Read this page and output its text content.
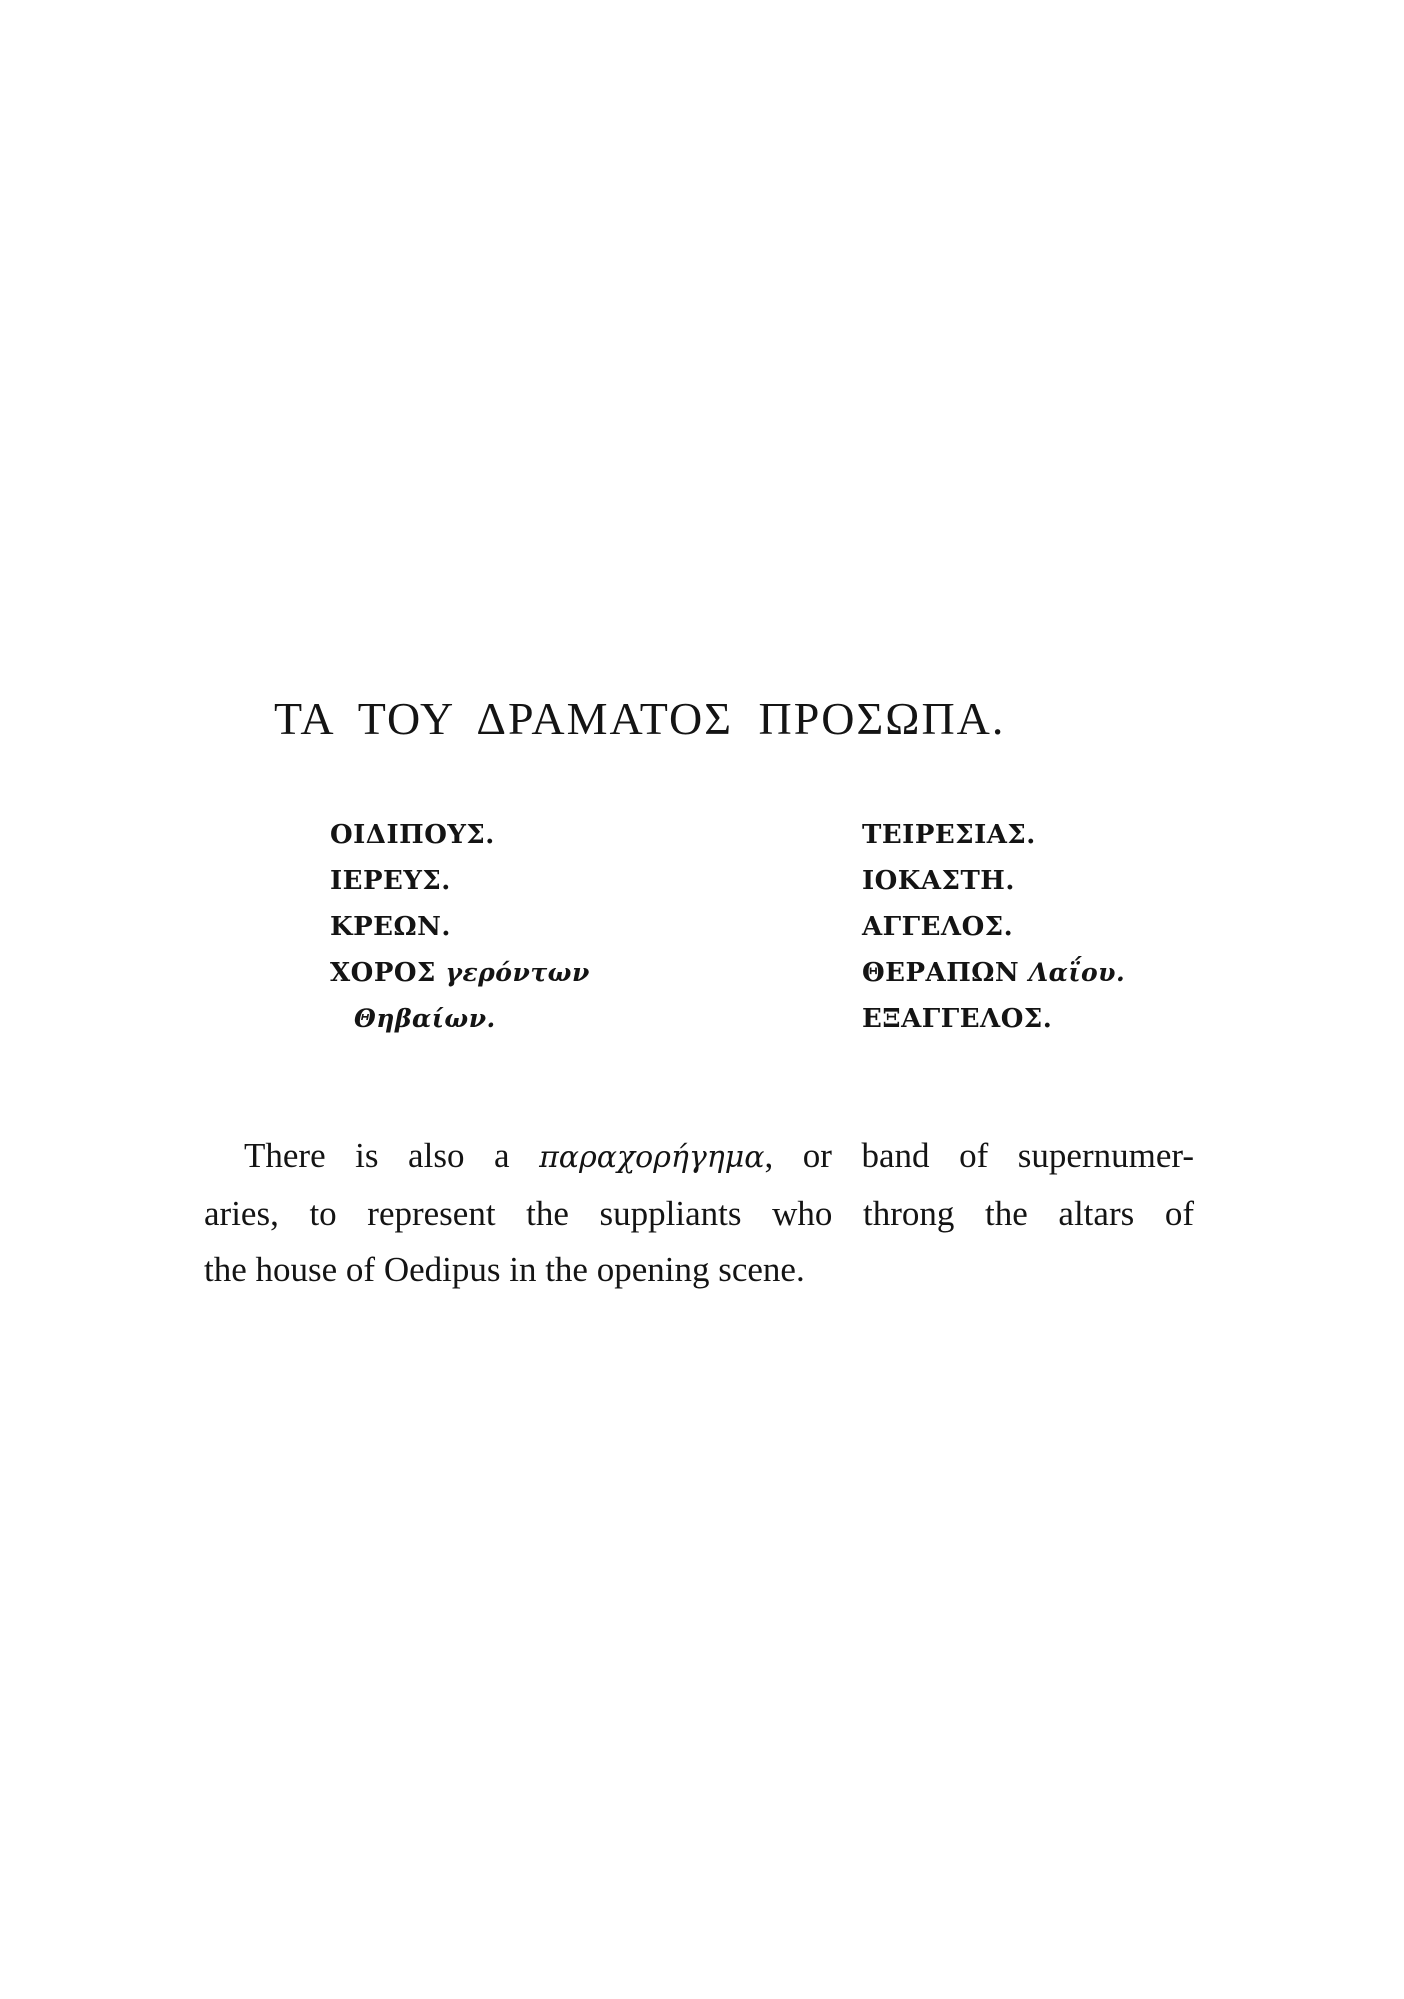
ΤΑ ΤΟΥ ΔΡΑΜΑΤΟΣ ΠΡΟΣΩΠΑ.
ΟΙΔΙΠΟΥΣ.
ΙΕΡΕΥΣ.
ΚΡΕΩΝ.
ΧΟΡΟΣ γερόντων
Θηβαίων.
ΤΕΙΡΕΣΙΑΣ.
ΙΟΚΑΣΤΗ.
ΑΓΓΕΛΟΣ.
ΘΕΡΑΠΩΝ Λαΐου.
ΕΞΑΓΓΕΛΟΣ.

There is also a παραχορήγημα, or band of supernumer-
aries, to represent the suppliants who throng the altars of
the house of Oedipus in the opening scene.
